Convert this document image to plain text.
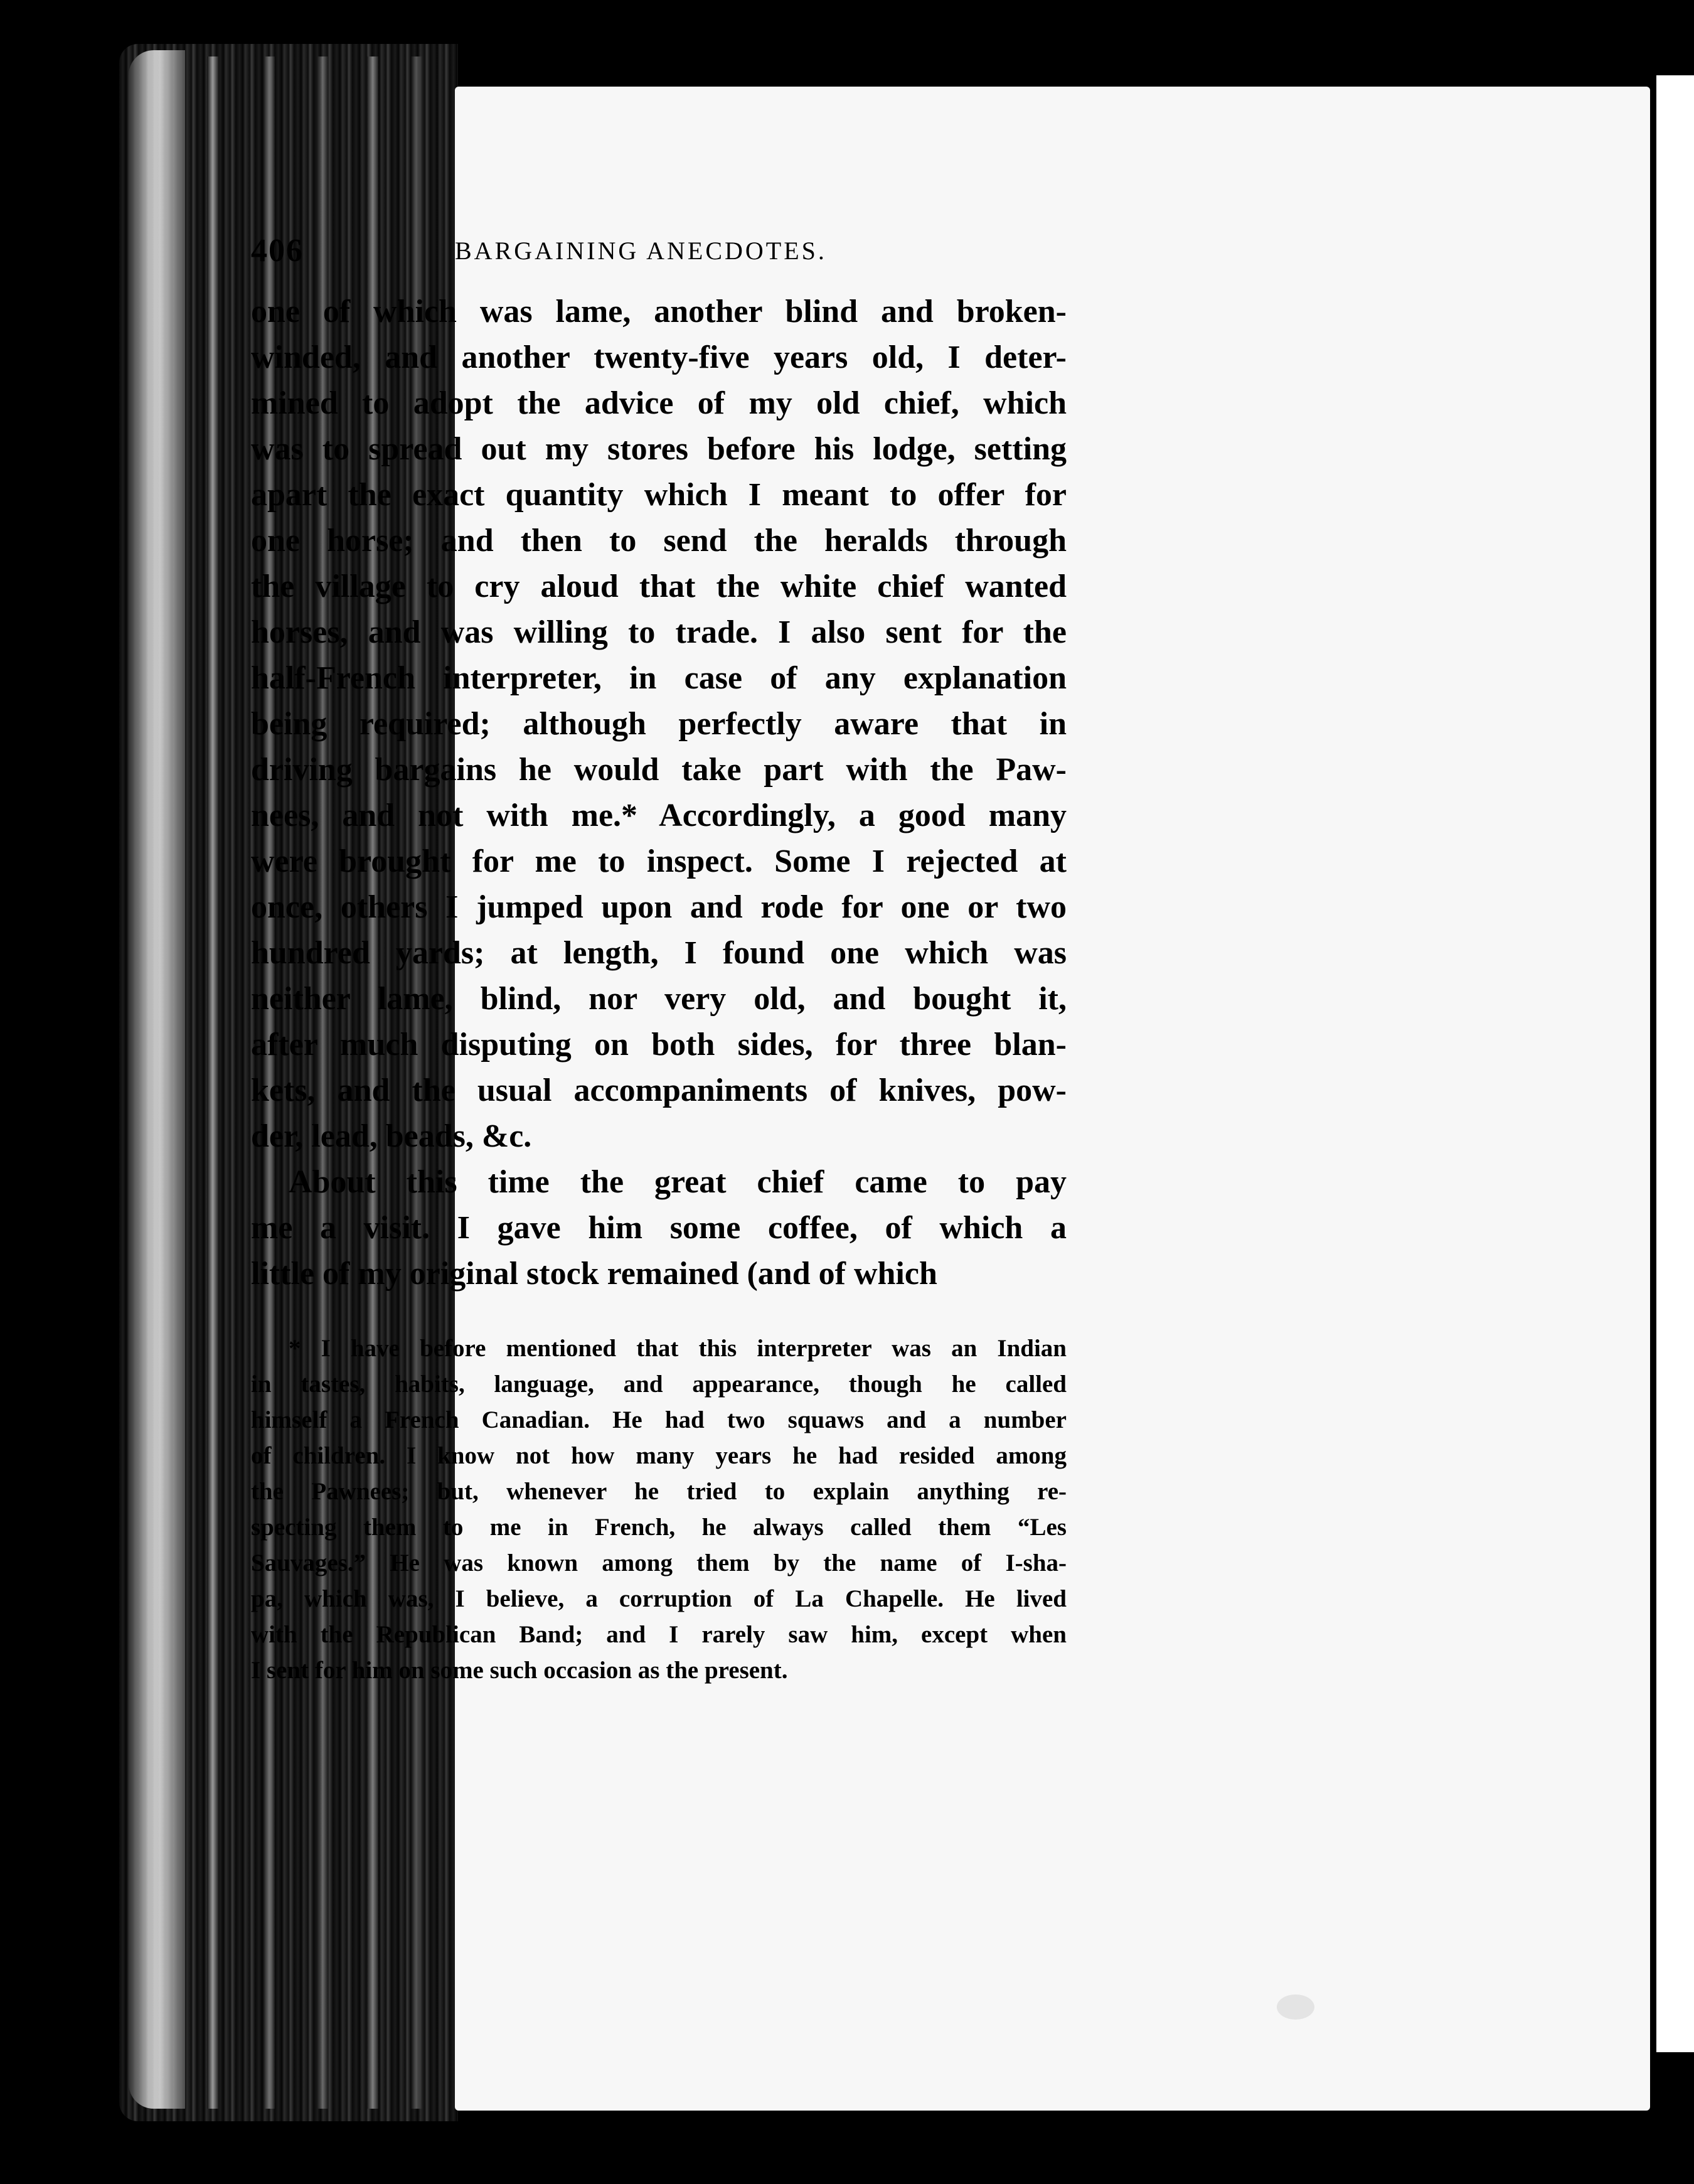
406	BARGAINING ANECDOTES.
one of which was lame, another blind and broken-
winded, and another twenty-five years old, I deter-
mined to adopt the advice of my old chief, which
was to spread out my stores before his lodge, setting
apart the exact quantity which I meant to offer for
one horse; and then to send the heralds through
the village to cry aloud that the white chief wanted
horses, and was willing to trade. I also sent for the
half-French interpreter, in case of any explanation
being required; although perfectly aware that in
driving bargains he would take part with the Paw-
nees, and not with me.* Accordingly, a good many
were brought for me to inspect. Some I rejected at
once, others I jumped upon and rode for one or two
hundred yards; at length, I found one which was
neither lame, blind, nor very old, and bought it,
after much disputing on both sides, for three blan-
kets, and the usual accompaniments of knives, pow-
der, lead, beads, &c.
About this time the great chief came to pay
me a visit. I gave him some coffee, of which a
little of my original stock remained (and of which
* I have before mentioned that this interpreter was an Indian
in tastes, habits, language, and appearance, though he called
himself a French Canadian. He had two squaws and a number
of children. I know not how many years he had resided among
the Pawnees; but, whenever he tried to explain anything re-
specting them to me in French, he always called them “Les
Sauvages.” He was known among them by the name of I-sha-
pa, which was, I believe, a corruption of La Chapelle. He lived
with the Republican Band; and I rarely saw him, except when
I sent for him on some such occasion as the present.
